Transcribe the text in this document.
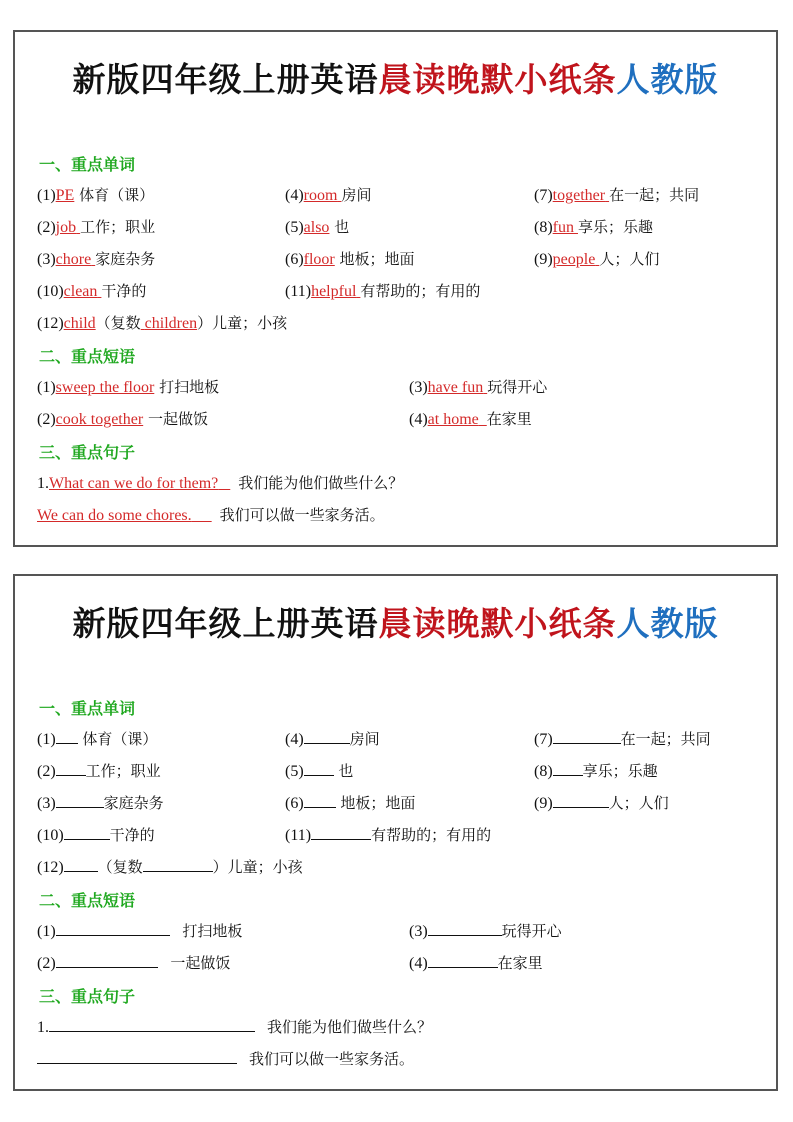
新版四年级上册英语晨读晚默小纸条人教版
一、重点单词
(1)PE 体育（课）	(4)room 房间	(7)together 在一起；共同
(2)job 工作；职业	(5)also 也	(8)fun 享乐；乐趣
(3)chore 家庭杂务	(6)floor 地板；地面	(9)people 人；人们
(10)clean 干净的	(11)helpful 有帮助的；有用的
(12)child（复数 children）儿童；小孩
二、重点短语
(1)sweep the floor 打扫地板	(3)have fun 玩得开心
(2)cook together 一起做饭	(4)at home 在家里
三、重点句子
1.What can we do for them? 我们能为他们做些什么？
We can do some chores. 我们可以做一些家务活。
新版四年级上册英语晨读晚默小纸条人教版
一、重点单词
(1) 体育（课）	(4)	房间	(7)	在一起；共同
(2) 工作；职业	(5) 也	(8) 享乐；乐趣
(3)	家庭杂务	(6) 地板；地面	(9)	人；人们
(10)	干净的	(11)	有帮助的；有用的
(12) （复数	）儿童；小孩
二、重点短语
(1)	打扫地板	(3)	玩得开心
(2)	一起做饭	(4)	在家里
三、重点句子
1.	我们能为他们做些什么？
我们可以做一些家务活。
